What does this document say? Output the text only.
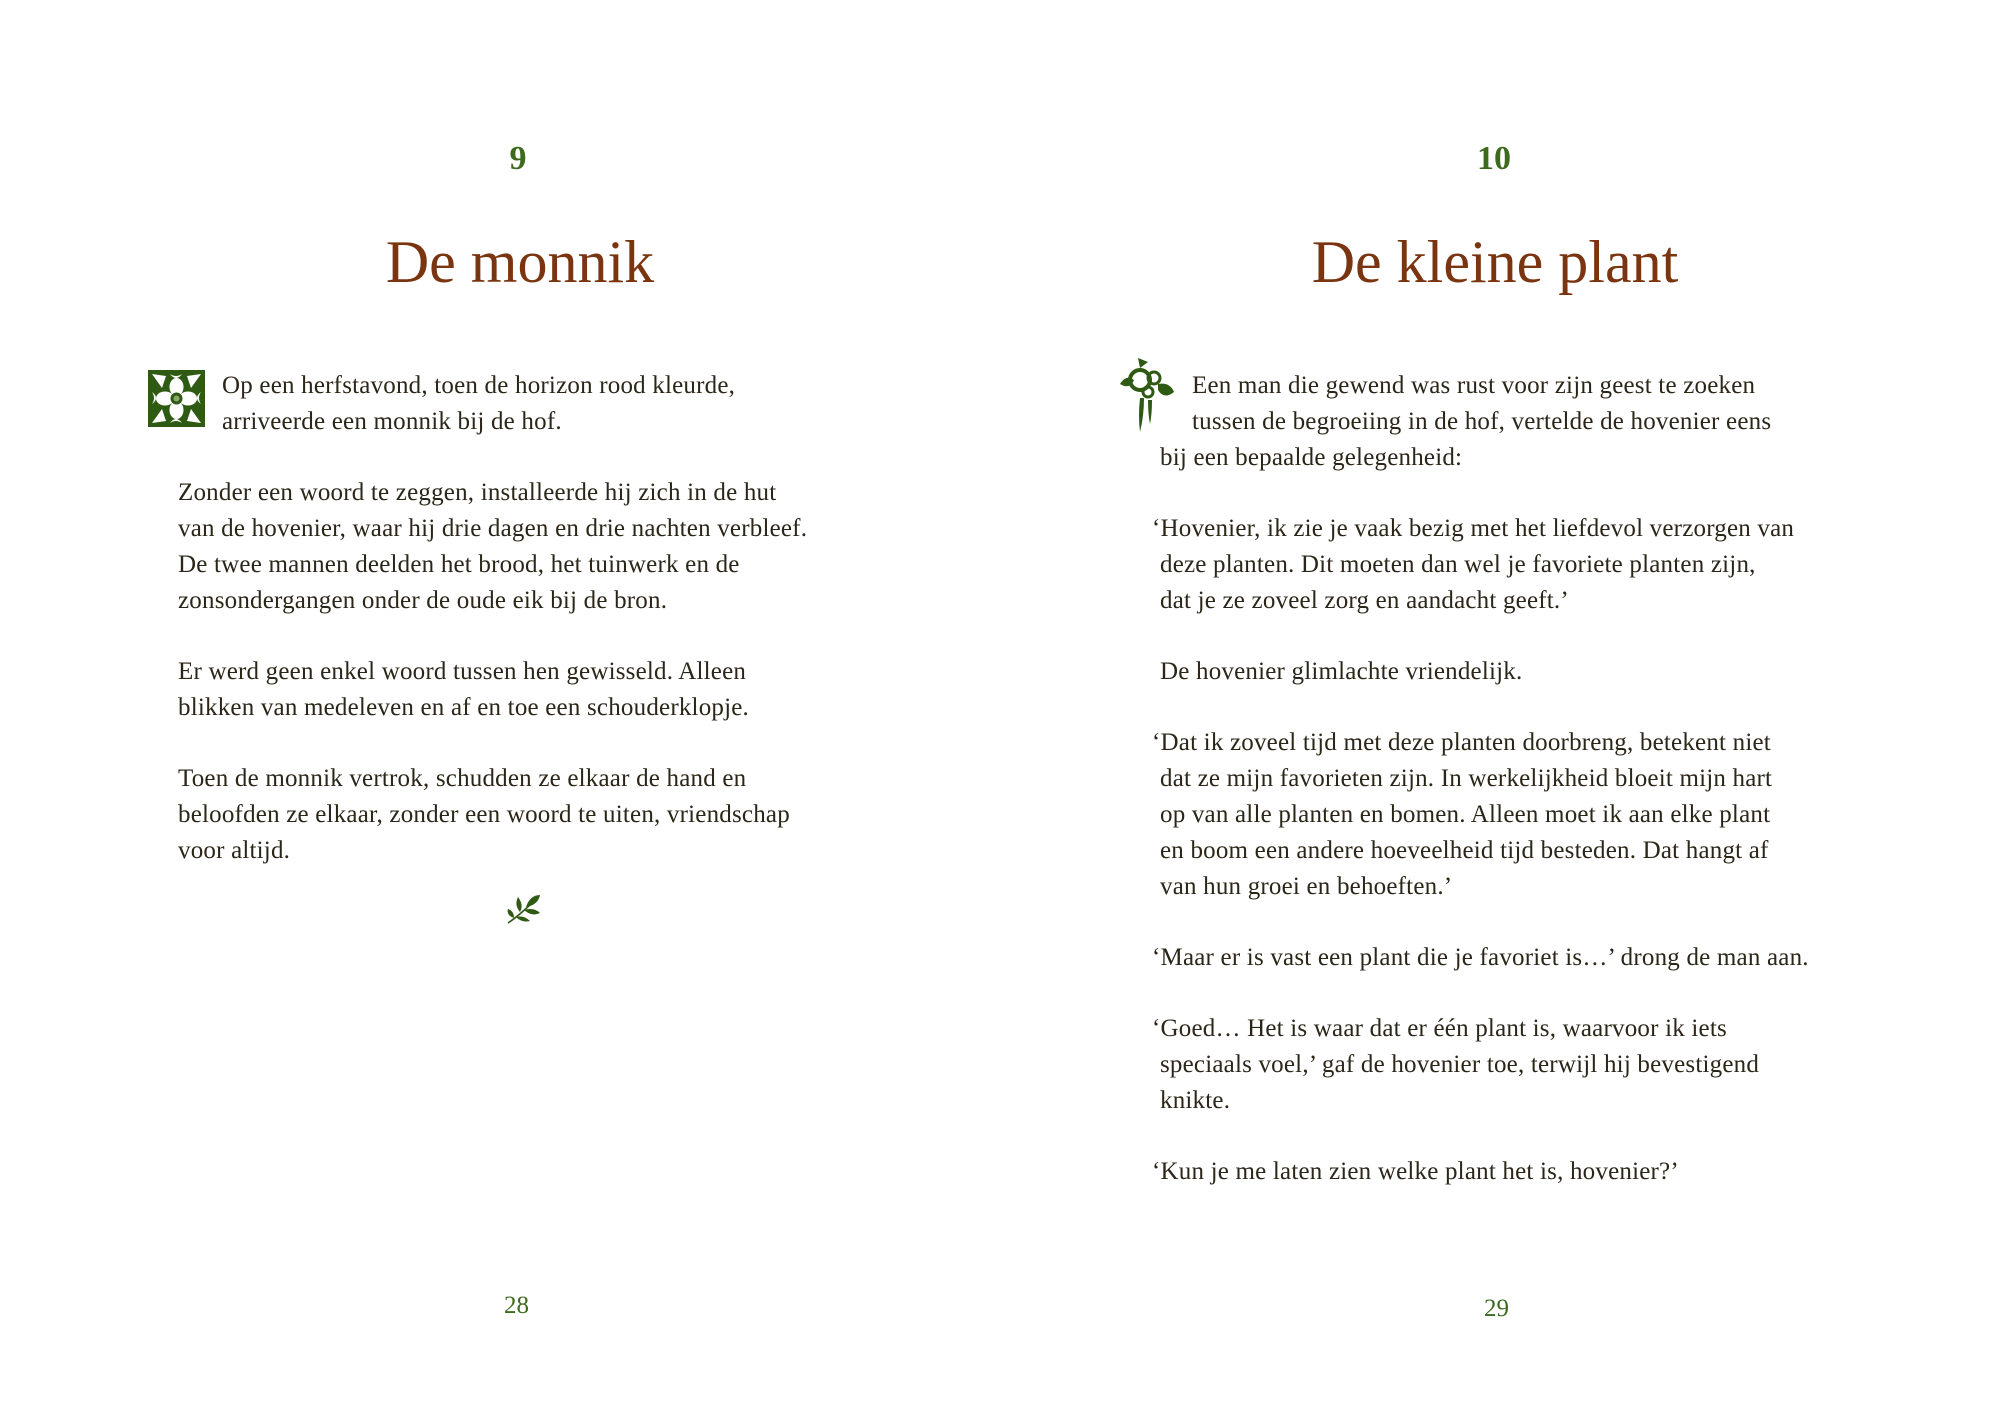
9
De monnik
Op een herfstavond, toen de horizon rood kleurde,
arriveerde een monnik bij de hof.
Zonder een woord te zeggen, installeerde hij zich in de hut
van de hovenier, waar hij drie dagen en drie nachten verbleef.
De twee mannen deelden het brood, het tuinwerk en de
zonsondergangen onder de oude eik bij de bron.
Er werd geen enkel woord tussen hen gewisseld. Alleen
blikken van medeleven en af en toe een schouderklopje.
Toen de monnik vertrok, schudden ze elkaar de hand en
beloofden ze elkaar, zonder een woord te uiten, vriendschap
voor altijd.
28
10
De kleine plant
Een man die gewend was rust voor zijn geest te zoeken
tussen de begroeiing in de hof, vertelde de hovenier eens
bij een bepaalde gelegenheid:
‘Hovenier, ik zie je vaak bezig met het liefdevol verzorgen van
deze planten. Dit moeten dan wel je favoriete planten zijn,
dat je ze zoveel zorg en aandacht geeft.’
De hovenier glimlachte vriendelijk.
‘Dat ik zoveel tijd met deze planten doorbreng, betekent niet
dat ze mijn favorieten zijn. In werkelijkheid bloeit mijn hart
op van alle planten en bomen. Alleen moet ik aan elke plant
en boom een andere hoeveelheid tijd besteden. Dat hangt af
van hun groei en behoeften.’
‘Maar er is vast een plant die je favoriet is…’ drong de man aan.
‘Goed… Het is waar dat er één plant is, waarvoor ik iets
speciaals voel,’ gaf de hovenier toe, terwijl hij bevestigend
knikte.
‘Kun je me laten zien welke plant het is, hovenier?’
29
